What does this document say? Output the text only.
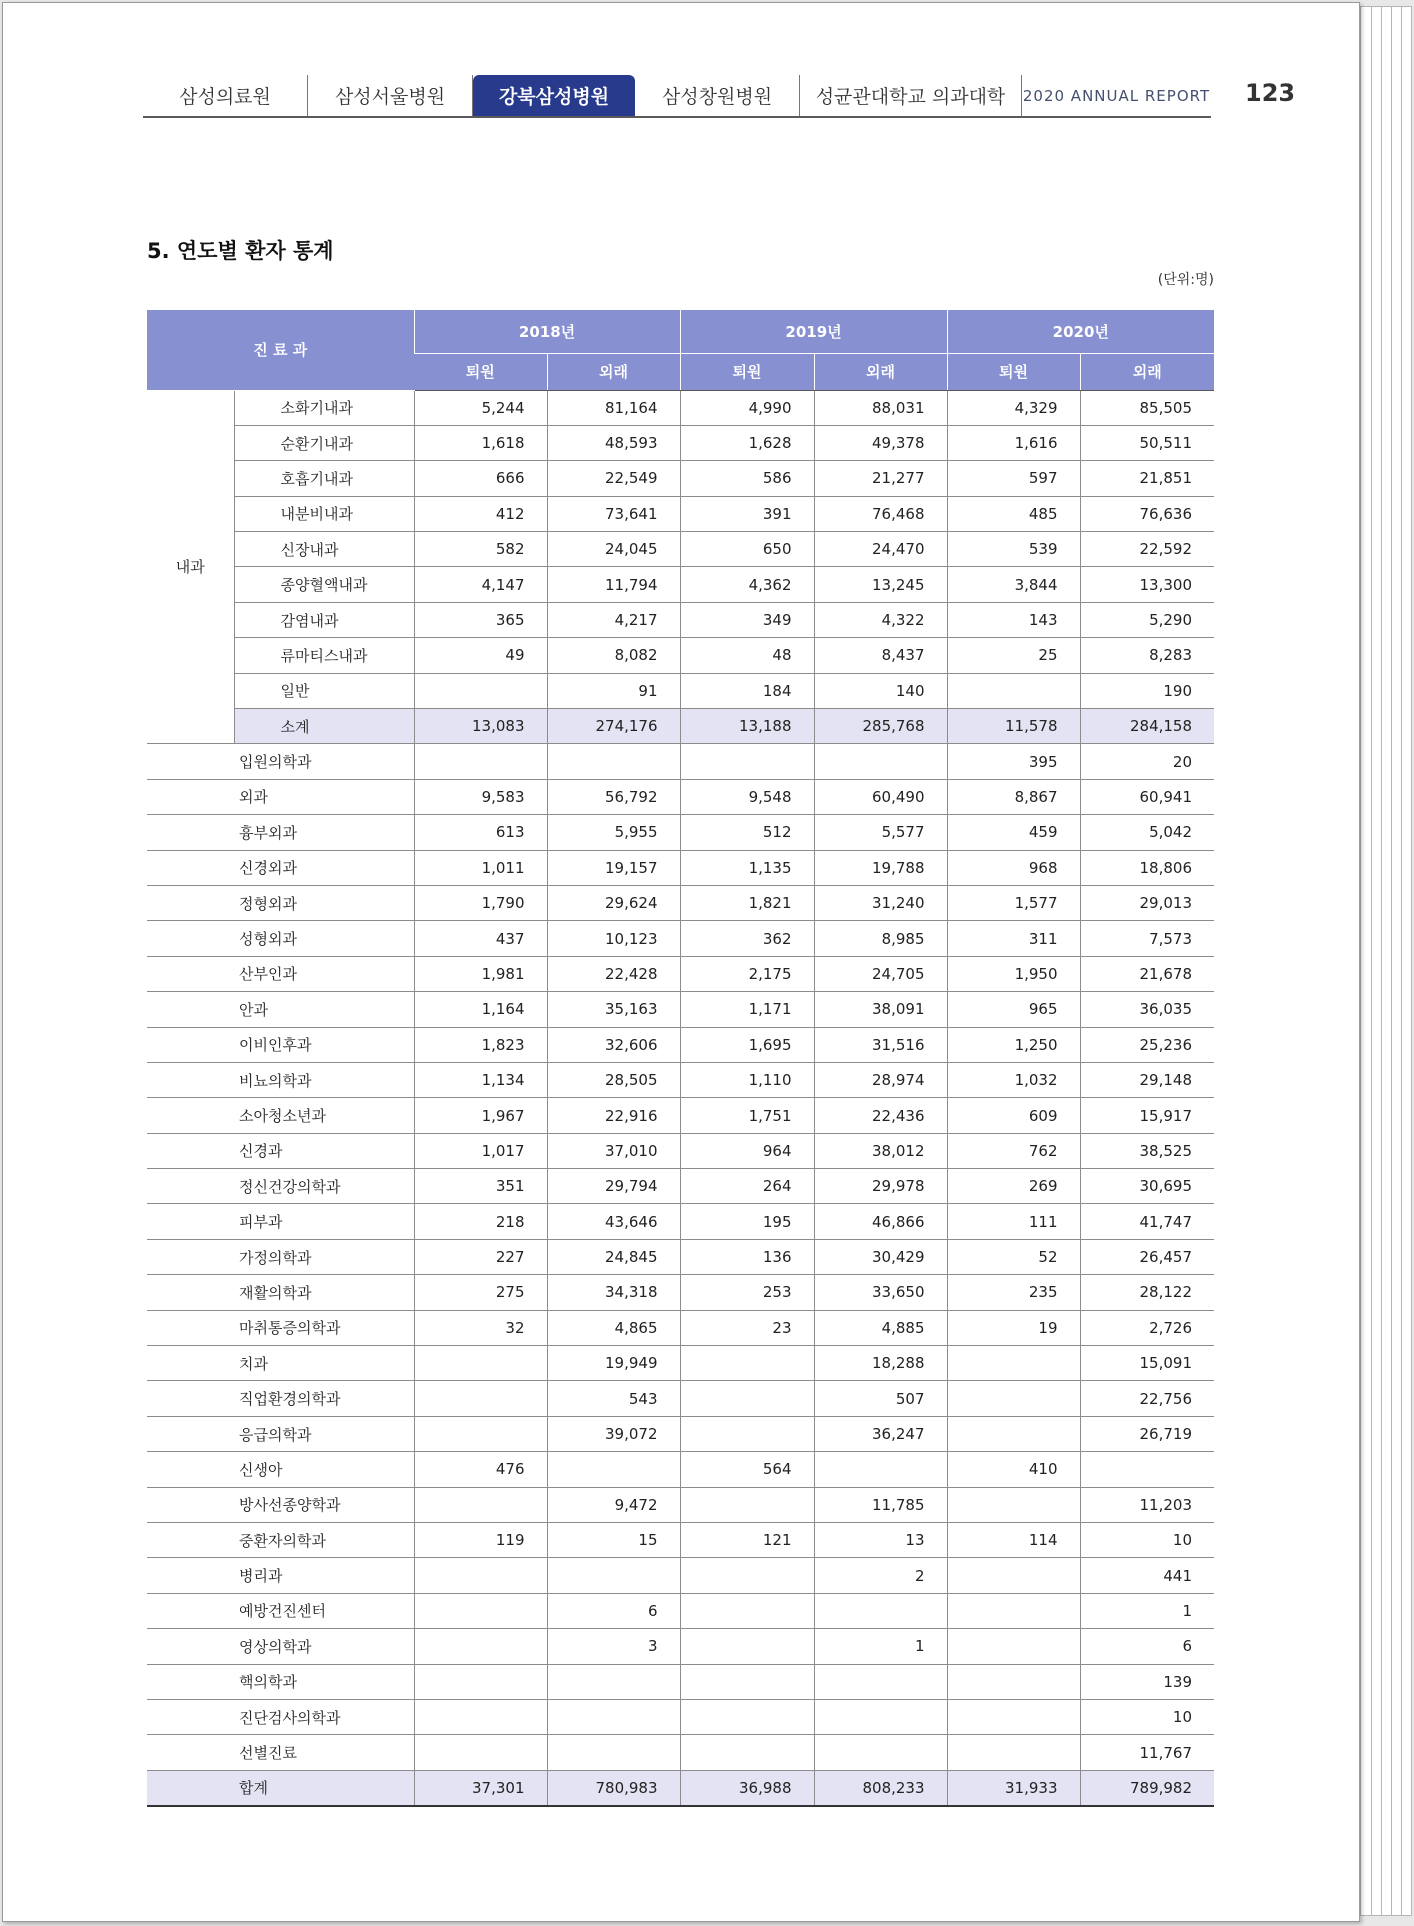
삼성의료원	삼성서울병원	강북삼성병원	삼성창원병원	성균관대학교 의과대학	2020 ANNUAL REPORT 123
5. 연도별 환자 통계
(단위:명)
진 료 과		2018년		2019년		2020년	
		퇴원	외래	퇴원	외래	퇴원	외래
내과	소화기내과	5,244	81,164	4,990	88,031	4,329	85,505
	순환기내과	1,618	48,593	1,628	49,378	1,616	50,511
	호흡기내과	666	22,549	586	21,277	597	21,851
	내분비내과	412	73,641	391	76,468	485	76,636
	신장내과	582	24,045	650	24,470	539	22,592
	종양혈액내과	4,147	11,794	4,362	13,245	3,844	13,300
	감염내과	365	4,217	349	4,322	143	5,290
	류마티스내과	49	8,082	48	8,437	25	8,283
	일반		91	184	140		190
	소계	13,083	274,176	13,188	285,768	11,578	284,158
입원의학과						395	20
외과		9,583	56,792	9,548	60,490	8,867	60,941
흉부외과		613	5,955	512	5,577	459	5,042
신경외과		1,011	19,157	1,135	19,788	968	18,806
정형외과		1,790	29,624	1,821	31,240	1,577	29,013
성형외과		437	10,123	362	8,985	311	7,573
산부인과		1,981	22,428	2,175	24,705	1,950	21,678
안과		1,164	35,163	1,171	38,091	965	36,035
이비인후과		1,823	32,606	1,695	31,516	1,250	25,236
비뇨의학과		1,134	28,505	1,110	28,974	1,032	29,148
소아청소년과		1,967	22,916	1,751	22,436	609	15,917
신경과		1,017	37,010	964	38,012	762	38,525
정신건강의학과		351	29,794	264	29,978	269	30,695
피부과		218	43,646	195	46,866	111	41,747
가정의학과		227	24,845	136	30,429	52	26,457
재활의학과		275	34,318	253	33,650	235	28,122
마취통증의학과		32	4,865	23	4,885	19	2,726
치과			19,949		18,288		15,091
직업환경의학과			543		507		22,756
응급의학과			39,072		36,247		26,719
신생아		476		564		410	
방사선종양학과			9,472		11,785		11,203
중환자의학과		119	15	121	13	114	10
병리과					2		441
예방건진센터			6				1
영상의학과			3		1		6
핵의학과							139
진단검사의학과							10
선별진료							11,767
합계		37,301	780,983	36,988	808,233	31,933	789,982
